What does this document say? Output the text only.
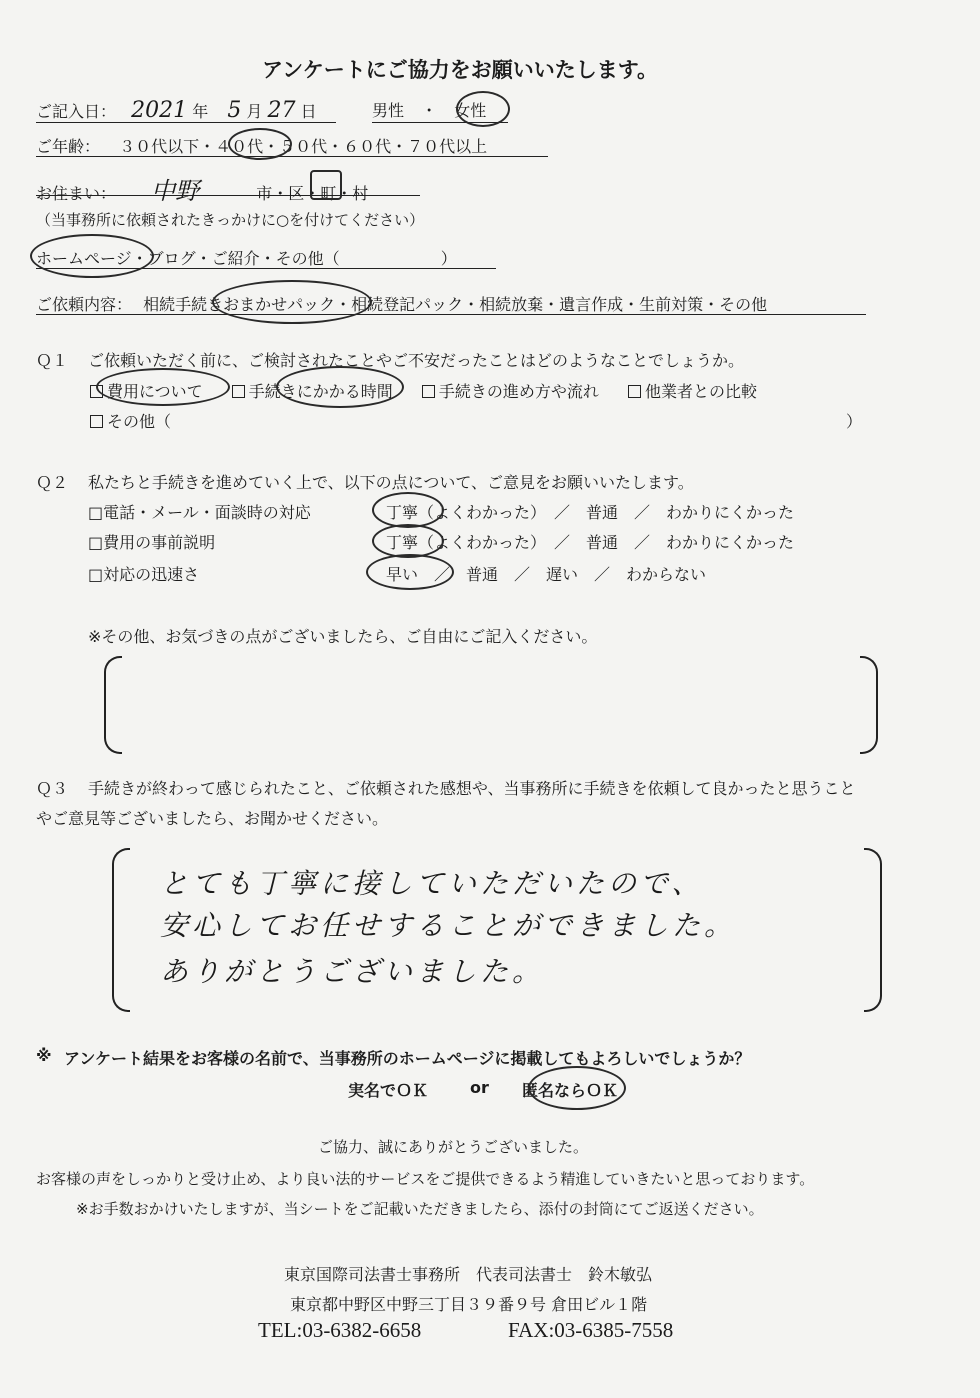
アンケートにご協力をお願いいたします。
ご記入日： 2021 年 5 月 27 日	男性 ・ 女性
ご年齢： ３０代以下・４０代・５０代・６０代・７０代以上
お住まい： 中野	市・区・町・村
（当事務所に依頼されたきっかけに○を付けてください）
ホームページ・ブログ・ご紹介・その他（	）
ご依頼内容： 相続手続きおまかせパック・相続登記パック・相続放棄・遺言作成・生前対策・その他
Ｑ１ ご依頼いただく前に、ご検討されたことやご不安だったことはどのようなことでしょうか。
費用について	手続きにかかる時間	手続きの進め方や流れ	他業者との比較
その他（	）
Ｑ２ 私たちと手続きを進めていく上で、以下の点について、ご意見をお願いいたします。
□電話・メール・面談時の対応	丁寧（よくわかった）　／　普通　／　わかりにくかった
□費用の事前説明	丁寧（よくわかった）　／　普通　／　わかりにくかった
□対応の迅速さ	早い　／　普通　／　遅い　／　わからない
※その他、お気づきの点がございましたら、ご自由にご記入ください。
Ｑ３ 手続きが終わって感じられたこと、ご依頼された感想や、当事務所に手続きを依頼して良かったと思うこと
やご意見等ございましたら、お聞かせください。
とても丁寧に接していただいたので、
安心してお任せすることができました。
ありがとうございました。
※ アンケート結果をお客様の名前で、当事務所のホームページに掲載してもよろしいでしょうか？
実名でＯＫ	or 匿名ならＯＫ
ご協力、誠にありがとうございました。
お客様の声をしっかりと受け止め、より良い法的サービスをご提供できるよう精進していきたいと思っております。
※お手数おかけいたしますが、当シートをご記載いただきましたら、添付の封筒にてご返送ください。
東京国際司法書士事務所　代表司法書士　鈴木敏弘
東京都中野区中野三丁目３９番９号 倉田ビル１階
TEL:03-6382-6658	FAX:03-6385-7558
